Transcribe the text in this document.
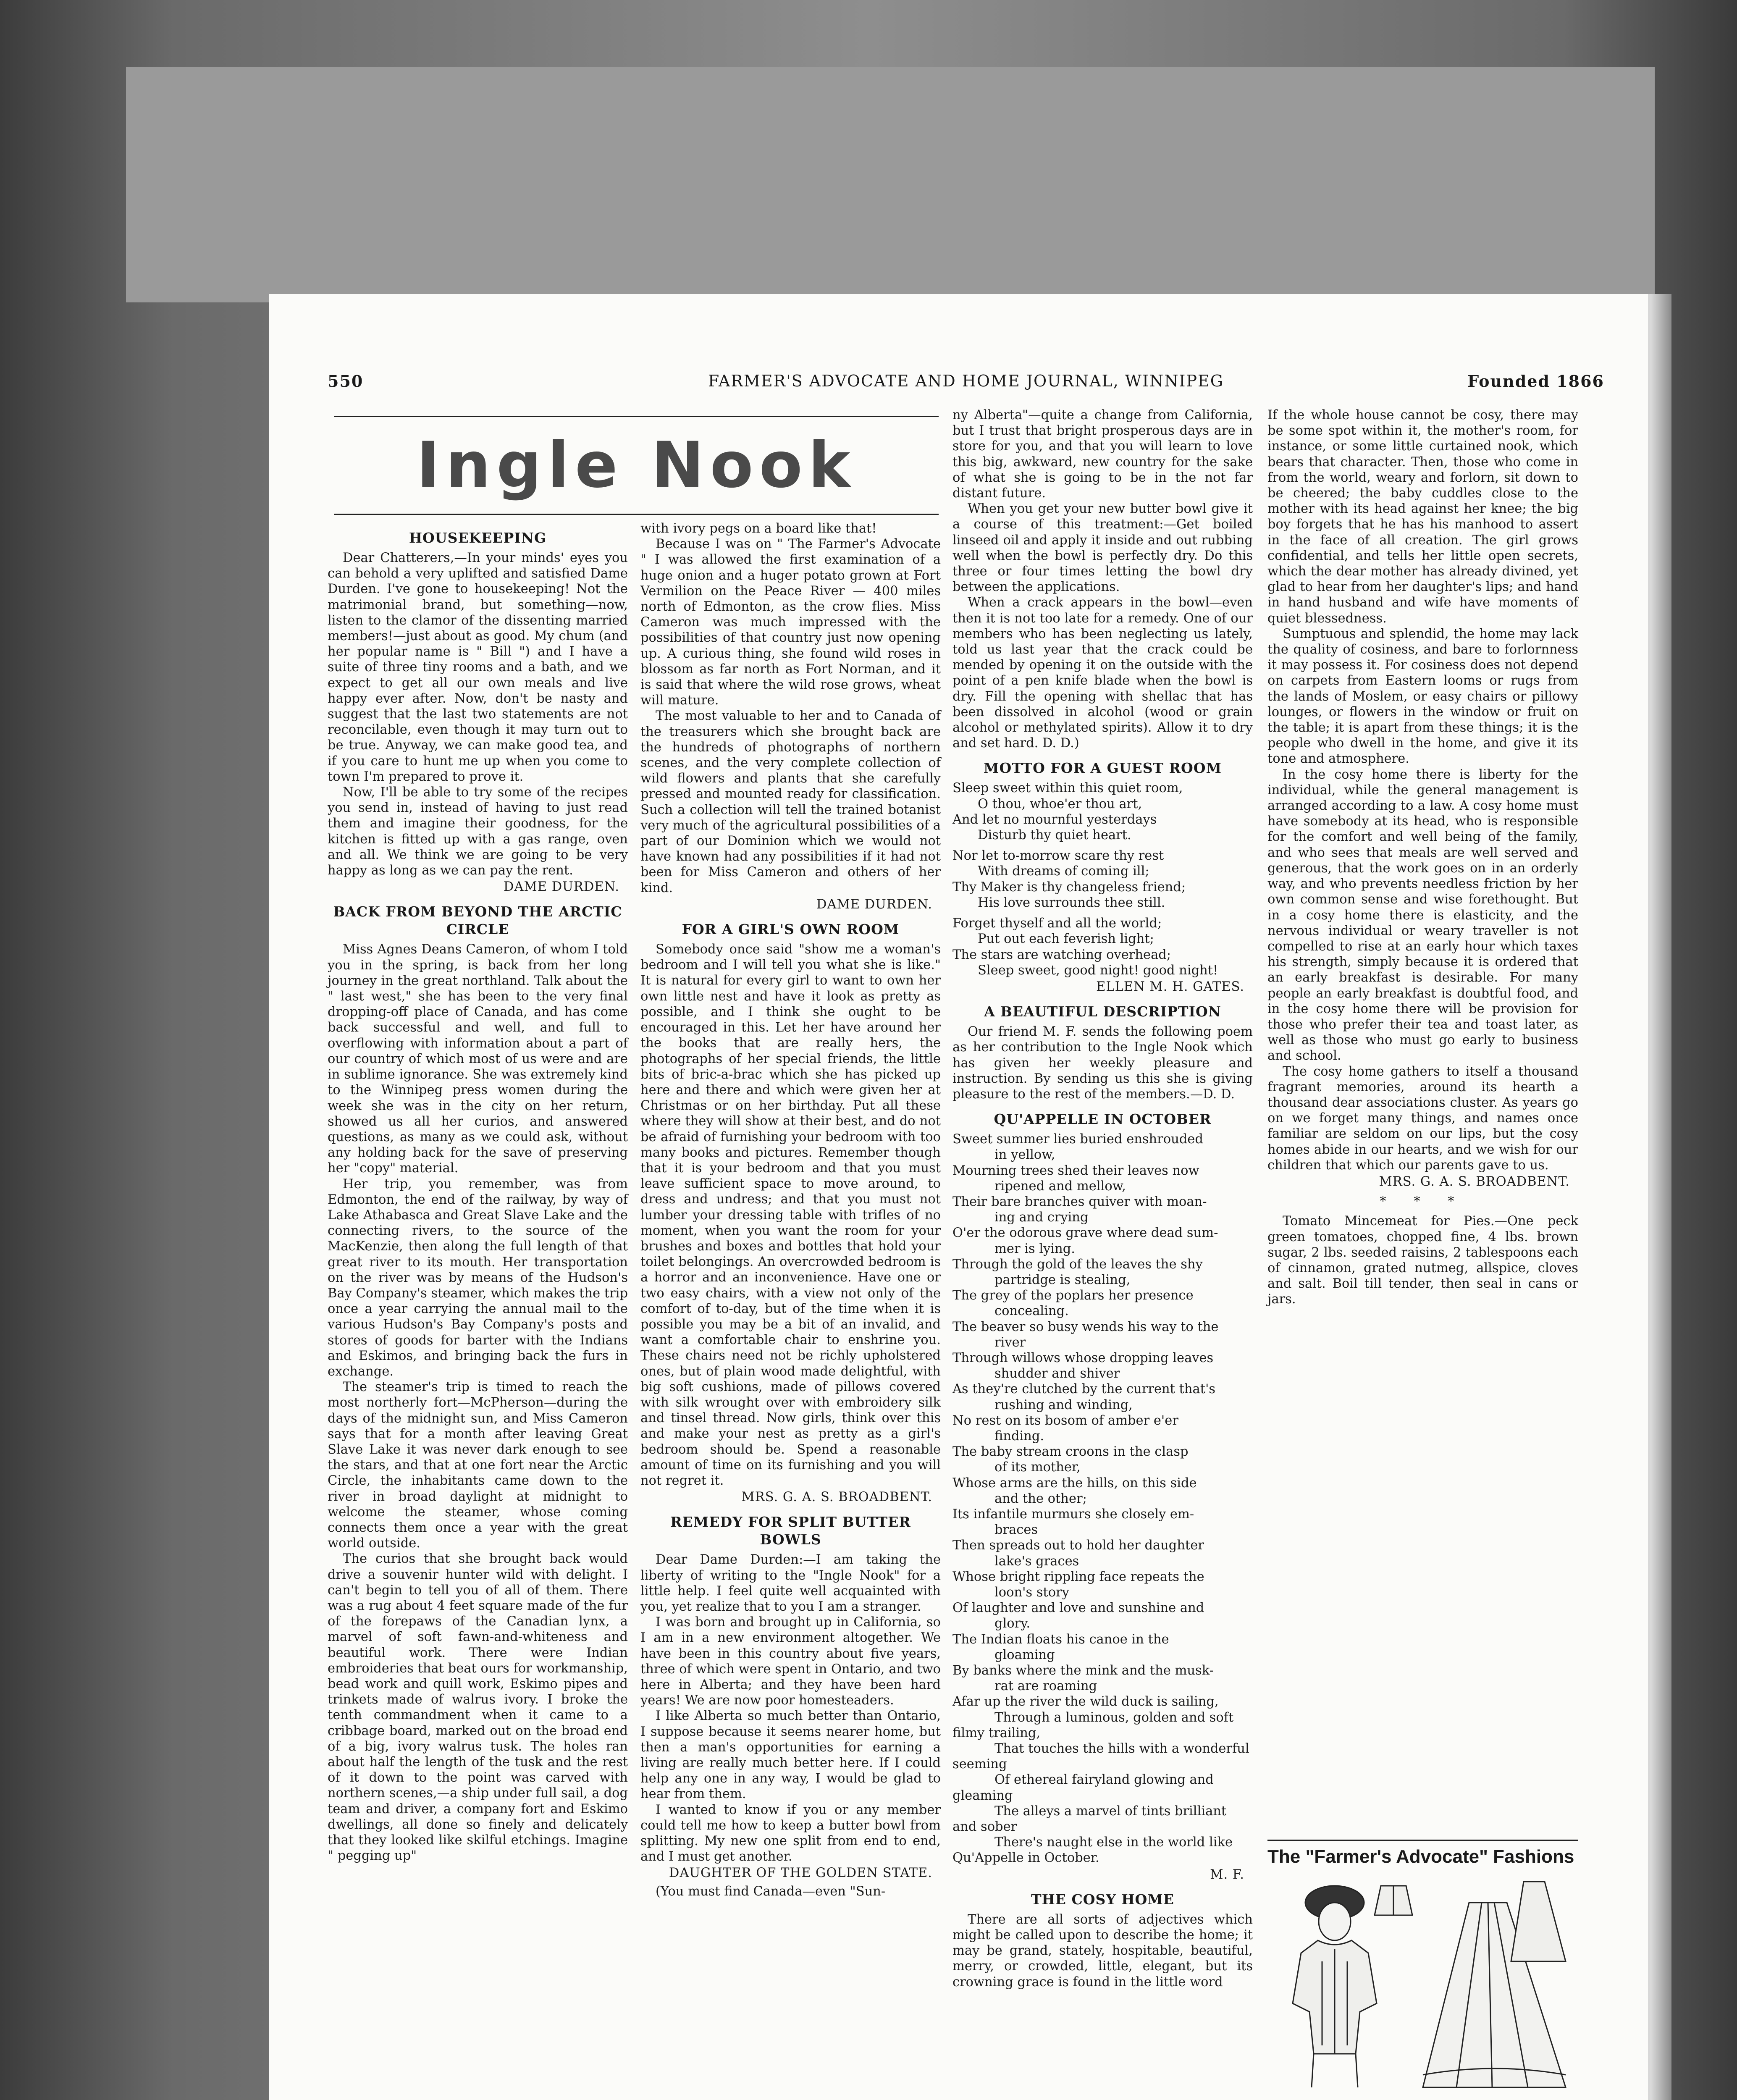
550	FARMER'S ADVOCATE AND HOME JOURNAL, WINNIPEG	Founded 1866
Ingle Nook
HOUSEKEEPING

Dear Chatterers,—In your minds' eyes you can behold a very uplifted and satisfied Dame Durden. I've gone to housekeeping! Not the matrimonial brand, but something—now, listen to the clamor of the dissenting married members!—just about as good. My chum (and her popular name is " Bill ") and I have a suite of three tiny rooms and a bath, and we expect to get all our own meals and live happy ever after. Now, don't be nasty and suggest that the last two statements are not reconcilable, even though it may turn out to be true. Anyway, we can make good tea, and if you care to hunt me up when you come to town I'm prepared to prove it.

Now, I'll be able to try some of the recipes you send in, instead of having to just read them and imagine their goodness, for the kitchen is fitted up with a gas range, oven and all. We think we are going to be very happy as long as we can pay the rent.

DAME DURDEN.

BACK FROM BEYOND THE ARCTIC CIRCLE

Miss Agnes Deans Cameron, of whom I told you in the spring, is back from her long journey in the great northland. Talk about the " last west," she has been to the very final dropping-off place of Canada, and has come back successful and well, and full to overflowing with information about a part of our country of which most of us were and are in sublime ignorance. She was extremely kind to the Winnipeg press women during the week she was in the city on her return, showed us all her curios, and answered questions, as many as we could ask, without any holding back for the save of preserving her "copy" material.

Her trip, you remember, was from Edmonton, the end of the railway, by way of Lake Athabasca and Great Slave Lake and the connecting rivers, to the source of the MacKenzie, then along the full length of that great river to its mouth. Her transportation on the river was by means of the Hudson's Bay Company's steamer, which makes the trip once a year carrying the annual mail to the various Hudson's Bay Company's posts and stores of goods for barter with the Indians and Eskimos, and bringing back the furs in exchange.

The steamer's trip is timed to reach the most northerly fort—McPherson—during the days of the midnight sun, and Miss Cameron says that for a month after leaving Great Slave Lake it was never dark enough to see the stars, and that at one fort near the Arctic Circle, the inhabitants came down to the river in broad daylight at midnight to welcome the steamer, whose coming connects them once a year with the great world outside.

The curios that she brought back would drive a souvenir hunter wild with delight. I can't begin to tell you of all of them. There was a rug about 4 feet square made of the fur of the forepaws of the Canadian lynx, a marvel of soft fawn-and-whiteness and beautiful work. There were Indian embroideries that beat ours for workmanship, bead work and quill work, Eskimo pipes and trinkets made of walrus ivory. I broke the tenth commandment when it came to a cribbage board, marked out on the broad end of a big, ivory walrus tusk. The holes ran about half the length of the tusk and the rest of it down to the point was carved with northern scenes,—a ship under full sail, a dog team and driver, a company fort and Eskimo dwellings, all done so finely and delicately that they looked like skilful etchings. Imagine " pegging up"

with ivory pegs on a board like that!

Because I was on " The Farmer's Advocate " I was allowed the first examination of a huge onion and a huger potato grown at Fort Vermilion on the Peace River — 400 miles north of Edmonton, as the crow flies. Miss Cameron was much impressed with the possibilities of that country just now opening up. A curious thing, she found wild roses in blossom as far north as Fort Norman, and it is said that where the wild rose grows, wheat will mature.

The most valuable to her and to Canada of the treasurers which she brought back are the hundreds of photographs of northern scenes, and the very complete collection of wild flowers and plants that she carefully pressed and mounted ready for classification. Such a collection will tell the trained botanist very much of the agricultural possibilities of a part of our Dominion which we would not have known had any possibilities if it had not been for Miss Cameron and others of her kind.

DAME DURDEN.

FOR A GIRL'S OWN ROOM

Somebody once said "show me a woman's bedroom and I will tell you what she is like." It is natural for every girl to want to own her own little nest and have it look as pretty as possible, and I think she ought to be encouraged in this. Let her have around her the books that are really hers, the photographs of her special friends, the little bits of bric-a-brac which she has picked up here and there and which were given her at Christmas or on her birthday. Put all these where they will show at their best, and do not be afraid of furnishing your bedroom with too many books and pictures. Remember though that it is your bedroom and that you must leave sufficient space to move around, to dress and undress; and that you must not lumber your dressing table with trifles of no moment, when you want the room for your brushes and boxes and bottles that hold your toilet belongings. An overcrowded bedroom is a horror and an inconvenience. Have one or two easy chairs, with a view not only of the comfort of to-day, but of the time when it is possible you may be a bit of an invalid, and want a comfortable chair to enshrine you. These chairs need not be richly upholstered ones, but of plain wood made delightful, with big soft cushions, made of pillows covered with silk wrought over with embroidery silk and tinsel thread. Now girls, think over this and make your nest as pretty as a girl's bedroom should be. Spend a reasonable amount of time on its furnishing and you will not regret it.

MRS. G. A. S. BROADBENT.

REMEDY FOR SPLIT BUTTER BOWLS

Dear Dame Durden:—I am taking the liberty of writing to the "Ingle Nook" for a little help. I feel quite well acquainted with you, yet realize that to you I am a stranger.

I was born and brought up in California, so I am in a new environment altogether. We have been in this country about five years, three of which were spent in Ontario, and two here in Alberta; and they have been hard years! We are now poor homesteaders.

I like Alberta so much better than Ontario, I suppose because it seems nearer home, but then a man's opportunities for earning a living are really much better here. If I could help any one in any way, I would be glad to hear from them.

I wanted to know if you or any member could tell me how to keep a butter bowl from splitting. My new one split from end to end, and I must get another.

DAUGHTER OF THE GOLDEN STATE.

(You must find Canada—even "Sun-

ny Alberta"—quite a change from California, but I trust that bright prosperous days are in store for you, and that you will learn to love this big, awkward, new country for the sake of what she is going to be in the not far distant future.

When you get your new butter bowl give it a course of this treatment:—Get boiled linseed oil and apply it inside and out rubbing well when the bowl is perfectly dry. Do this three or four times letting the bowl dry between the applications.

When a crack appears in the bowl—even then it is not too late for a remedy. One of our members who has been neglecting us lately, told us last year that the crack could be mended by opening it on the outside with the point of a pen knife blade when the bowl is dry. Fill the opening with shellac that has been dissolved in alcohol (wood or grain alcohol or methylated spirits). Allow it to dry and set hard. D. D.)

MOTTO FOR A GUEST ROOM
Sleep sweet within this quiet room,
O thou, whoe'er thou art,
And let no mournful yesterdays
Disturb thy quiet heart.

Nor let to-morrow scare thy rest
With dreams of coming ill;
Thy Maker is thy changeless friend;
His love surrounds thee still.

Forget thyself and all the world;
Put out each feverish light;
The stars are watching overhead;
Sleep sweet, good night! good night!

ELLEN M. H. GATES.

A BEAUTIFUL DESCRIPTION

Our friend M. F. sends the following poem as her contribution to the Ingle Nook which has given her weekly pleasure and instruction. By sending us this she is giving pleasure to the rest of the members.—D. D.

QU'APPELLE IN OCTOBER
Sweet summer lies buried enshrouded
in yellow,
Mourning trees shed their leaves now
ripened and mellow,
Their bare branches quiver with moan-
ing and crying
O'er the odorous grave where dead sum-
mer is lying.
Through the gold of the leaves the shy
partridge is stealing,
The grey of the poplars her presence
concealing.
The beaver so busy wends his way to the
river
Through willows whose dropping leaves
shudder and shiver
As they're clutched by the current that's
rushing and winding,
No rest on its bosom of amber e'er
finding.
The baby stream croons in the clasp
of its mother,
Whose arms are the hills, on this side
and the other;
Its infantile murmurs she closely em-
braces
Then spreads out to hold her daughter
lake's graces
Whose bright rippling face repeats the
loon's story
Of laughter and love and sunshine and
glory.
The Indian floats his canoe in the
gloaming
By banks where the mink and the musk-
rat are roaming
Afar up the river the wild duck is sailing,
Through a luminous, golden and soft
filmy trailing,
That touches the hills with a wonderful
seeming
Of ethereal fairyland glowing and
gleaming
The alleys a marvel of tints brilliant
and sober
There's naught else in the world like
Qu'Appelle in October.

M. F.

THE COSY HOME

There are all sorts of adjectives which might be called upon to describe the home; it may be grand, stately, hospitable, beautiful, merry, or crowded, little, elegant, but its crowning grace is found in the little word

If the whole house cannot be cosy, there may be some spot within it, the mother's room, for instance, or some little curtained nook, which bears that character. Then, those who come in from the world, weary and forlorn, sit down to be cheered; the baby cuddles close to the mother with its head against her knee; the big boy forgets that he has his manhood to assert in the face of all creation. The girl grows confidential, and tells her little open secrets, which the dear mother has already divined, yet glad to hear from her daughter's lips; and hand in hand husband and wife have moments of quiet blessedness.

Sumptuous and splendid, the home may lack the quality of cosiness, and bare to forlornness it may possess it. For cosiness does not depend on carpets from Eastern looms or rugs from the lands of Moslem, or easy chairs or pillowy lounges, or flowers in the window or fruit on the table; it is apart from these things; it is the people who dwell in the home, and give it its tone and atmosphere.

In the cosy home there is liberty for the individual, while the general management is arranged according to a law. A cosy home must have somebody at its head, who is responsible for the comfort and well being of the family, and who sees that meals are well served and generous, that the work goes on in an orderly way, and who prevents needless friction by her own common sense and wise forethought. But in a cosy home there is elasticity, and the nervous individual or weary traveller is not compelled to rise at an early hour which taxes his strength, simply because it is ordered that an early breakfast is desirable. For many people an early breakfast is doubtful food, and in the cosy home there will be provision for those who prefer their tea and toast later, as well as those who must go early to business and school.

The cosy home gathers to itself a thousand fragrant memories, around its hearth a thousand dear associations cluster. As years go on we forget many things, and names once familiar are seldom on our lips, but the cosy homes abide in our hearts, and we wish for our children that which our parents gave to us.

MRS. G. A. S. BROADBENT.

* * *

Tomato Mincemeat for Pies.—One peck green tomatoes, chopped fine, 4 lbs. brown sugar, 2 lbs. seeded raisins, 2 tablespoons each of cinnamon, grated nutmeg, allspice, cloves and salt. Boil till tender, then seal in cans or jars.

The "Farmer's Advocate" Fashions
